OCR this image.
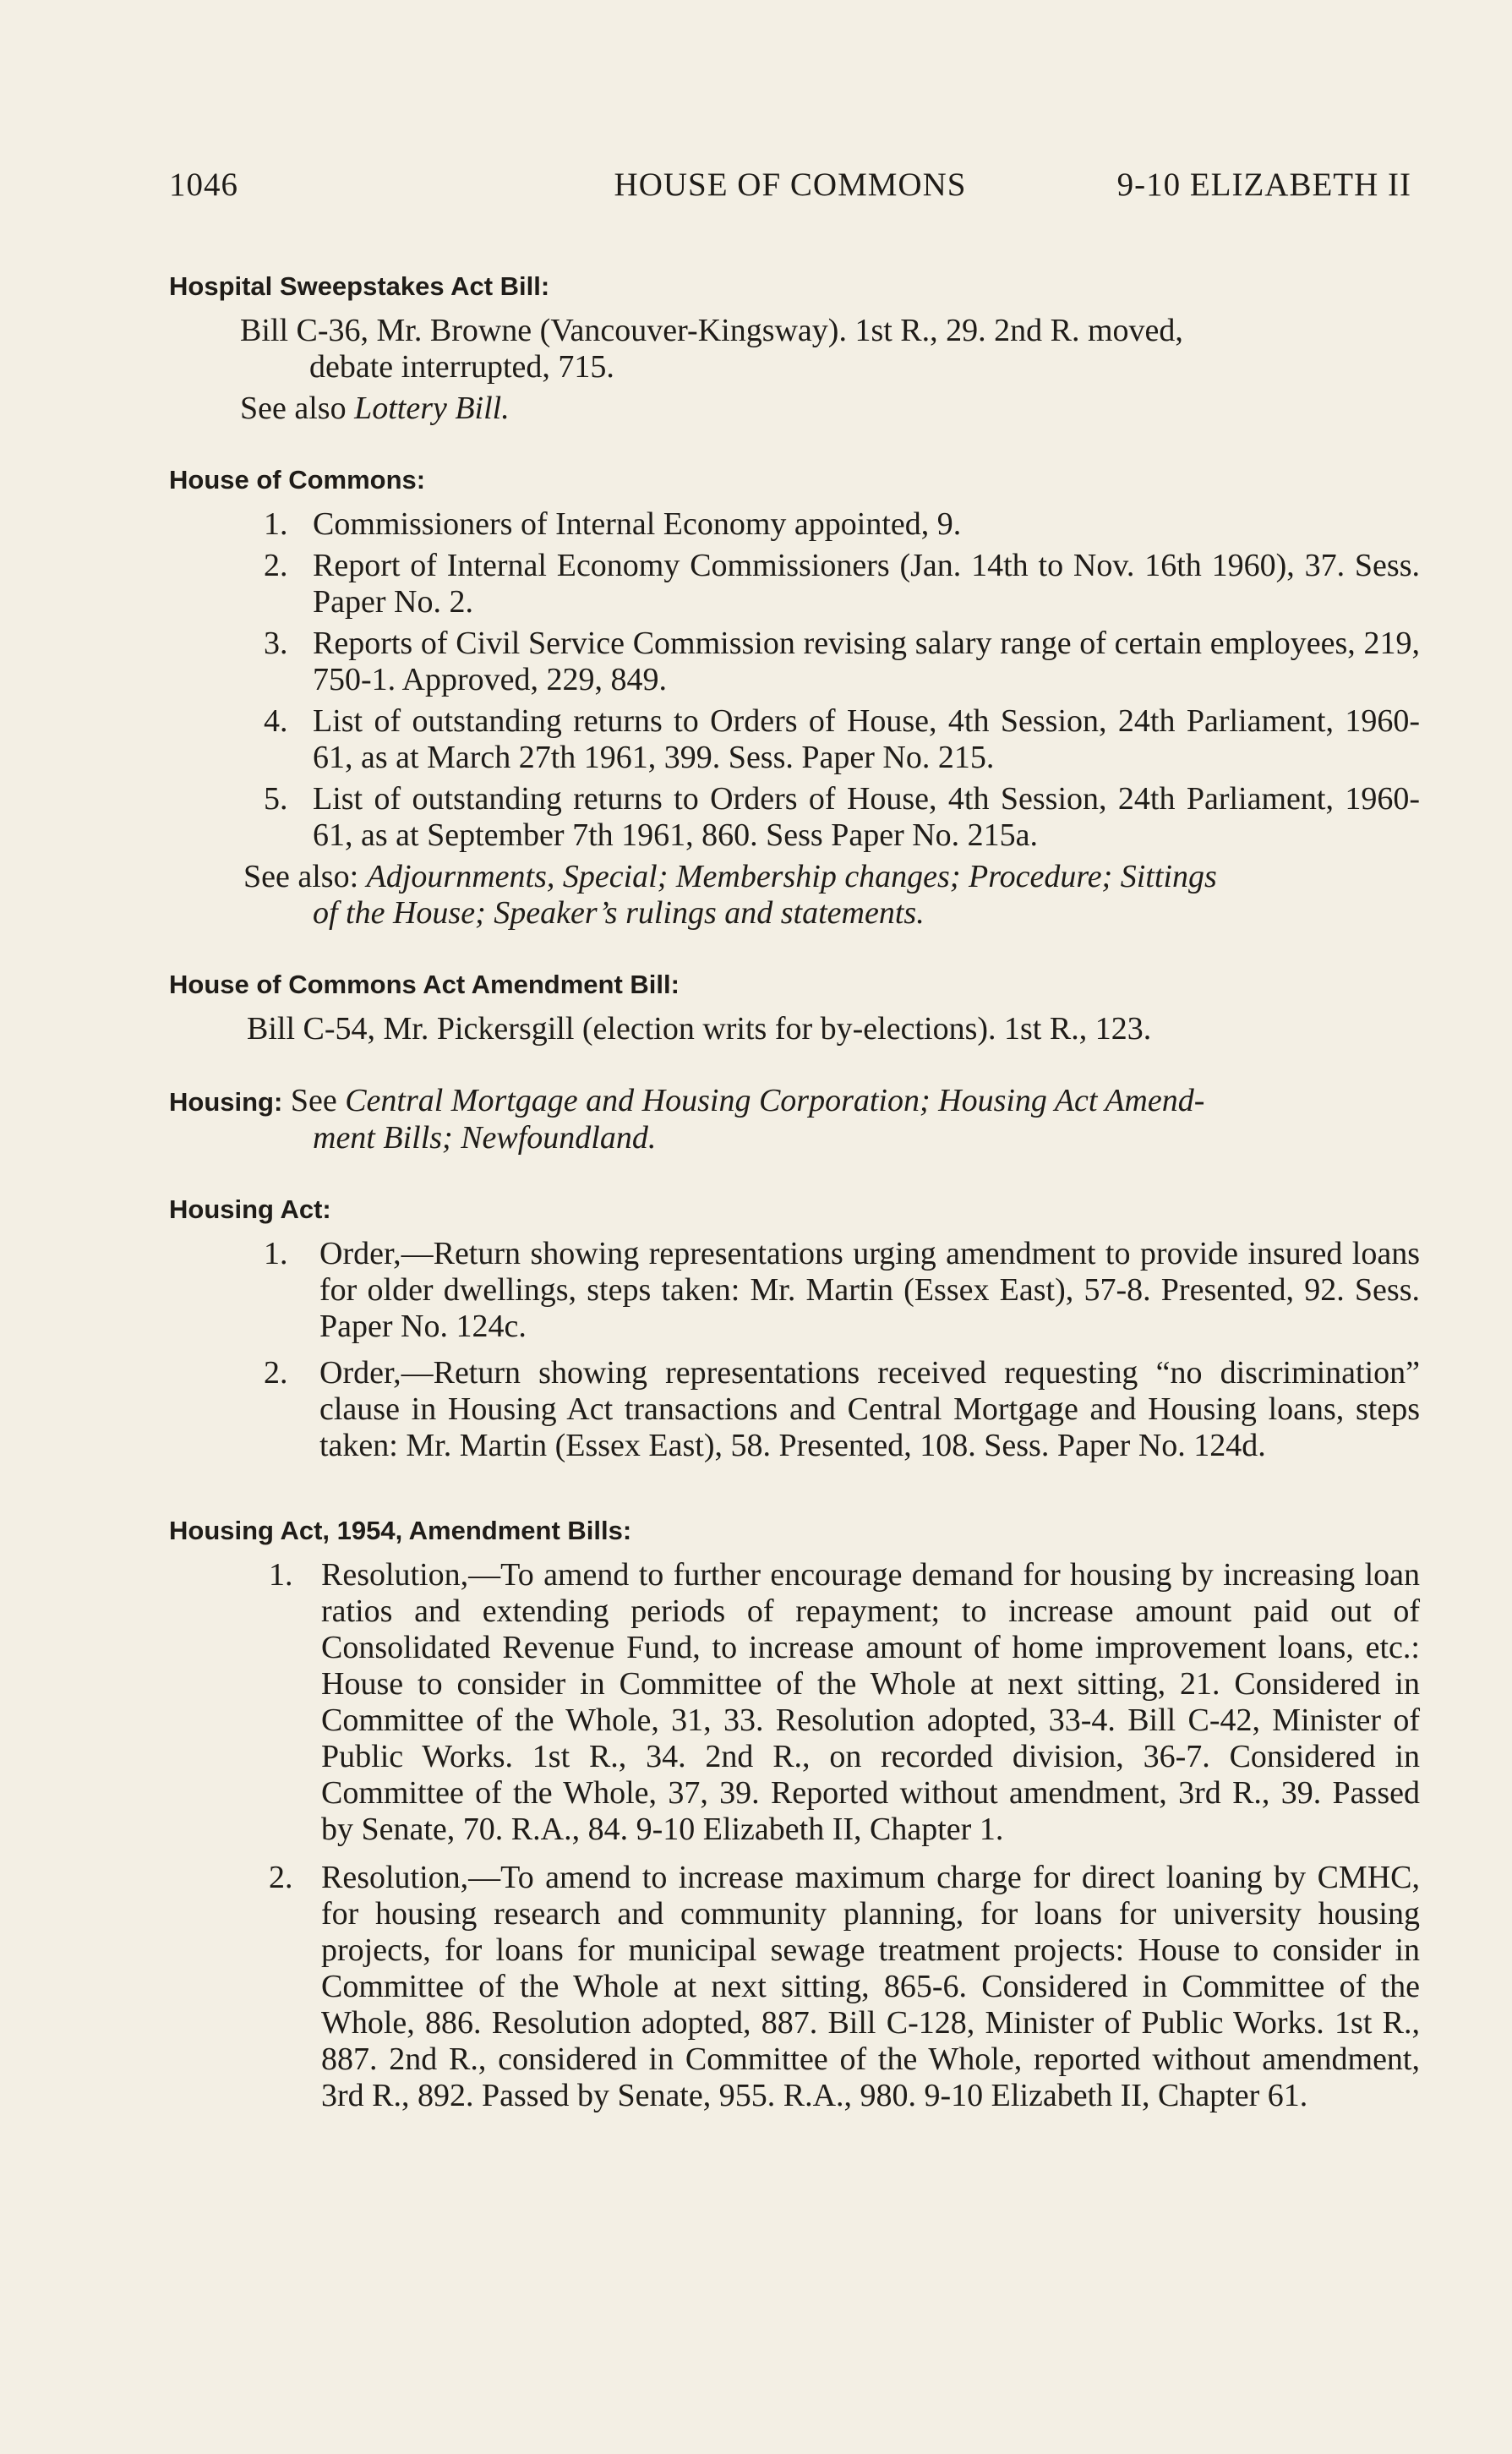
1046	HOUSE OF COMMONS	9-10 ELIZABETH II
Hospital Sweepstakes Act Bill:
Bill C-36, Mr. Browne (Vancouver-Kingsway). 1st R., 29. 2nd R. moved,

debate interrupted, 715.
See also Lottery Bill.
House of Commons:
1. Commissioners of Internal Economy appointed, 9.
2. Report of Internal Economy Commissioners (Jan. 14th to Nov. 16th 1960), 37. Sess. Paper No. 2.
3. Reports of Civil Service Commission revising salary range of certain employees, 219, 750-1. Approved, 229, 849.
4. List of outstanding returns to Orders of House, 4th Session, 24th Parliament, 1960-61, as at March 27th 1961, 399. Sess. Paper No. 215.
5. List of outstanding returns to Orders of House, 4th Session, 24th Parliament, 1960-61, as at September 7th 1961, 860. Sess Paper No. 215a.
See also: Adjournments, Special; Membership changes; Procedure; Sittings
of the House; Speaker’s rulings and statements.
House of Commons Act Amendment Bill:
Bill C-54, Mr. Pickersgill (election writs for by-elections). 1st R., 123.
Housing: See Central Mortgage and Housing Corporation; Housing Act Amend-
ment Bills; Newfoundland.
Housing Act:
1. Order,—Return showing representations urging amendment to provide insured loans for older dwellings, steps taken: Mr. Martin (Essex East), 57-8. Presented, 92. Sess. Paper No. 124c.
2. Order,—Return showing representations received requesting “no discrimination” clause in Housing Act transactions and Central Mortgage and Housing loans, steps taken: Mr. Martin (Essex East), 58. Presented, 108. Sess. Paper No. 124d.
Housing Act, 1954, Amendment Bills:
1. Resolution,—To amend to further encourage demand for housing by increasing loan ratios and extending periods of repayment; to increase amount paid out of Consolidated Revenue Fund, to increase amount of home improvement loans, etc.: House to consider in Committee of the Whole at next sitting, 21. Considered in Committee of the Whole, 31, 33. Resolution adopted, 33-4. Bill C-42, Minister of Public Works. 1st R., 34. 2nd R., on recorded division, 36-7. Considered in Committee of the Whole, 37, 39. Reported without amendment, 3rd R., 39. Passed by Senate, 70. R.A., 84. 9-10 Elizabeth II, Chapter 1.
2. Resolution,—To amend to increase maximum charge for direct loaning by CMHC, for housing research and community planning, for loans for university housing projects, for loans for municipal sewage treatment projects: House to consider in Committee of the Whole at next sitting, 865-6. Considered in Committee of the Whole, 886. Resolution adopted, 887. Bill C-128, Minister of Public Works. 1st R., 887. 2nd R., considered in Committee of the Whole, reported without amendment, 3rd R., 892. Passed by Senate, 955. R.A., 980. 9-10 Elizabeth II, Chapter 61.
